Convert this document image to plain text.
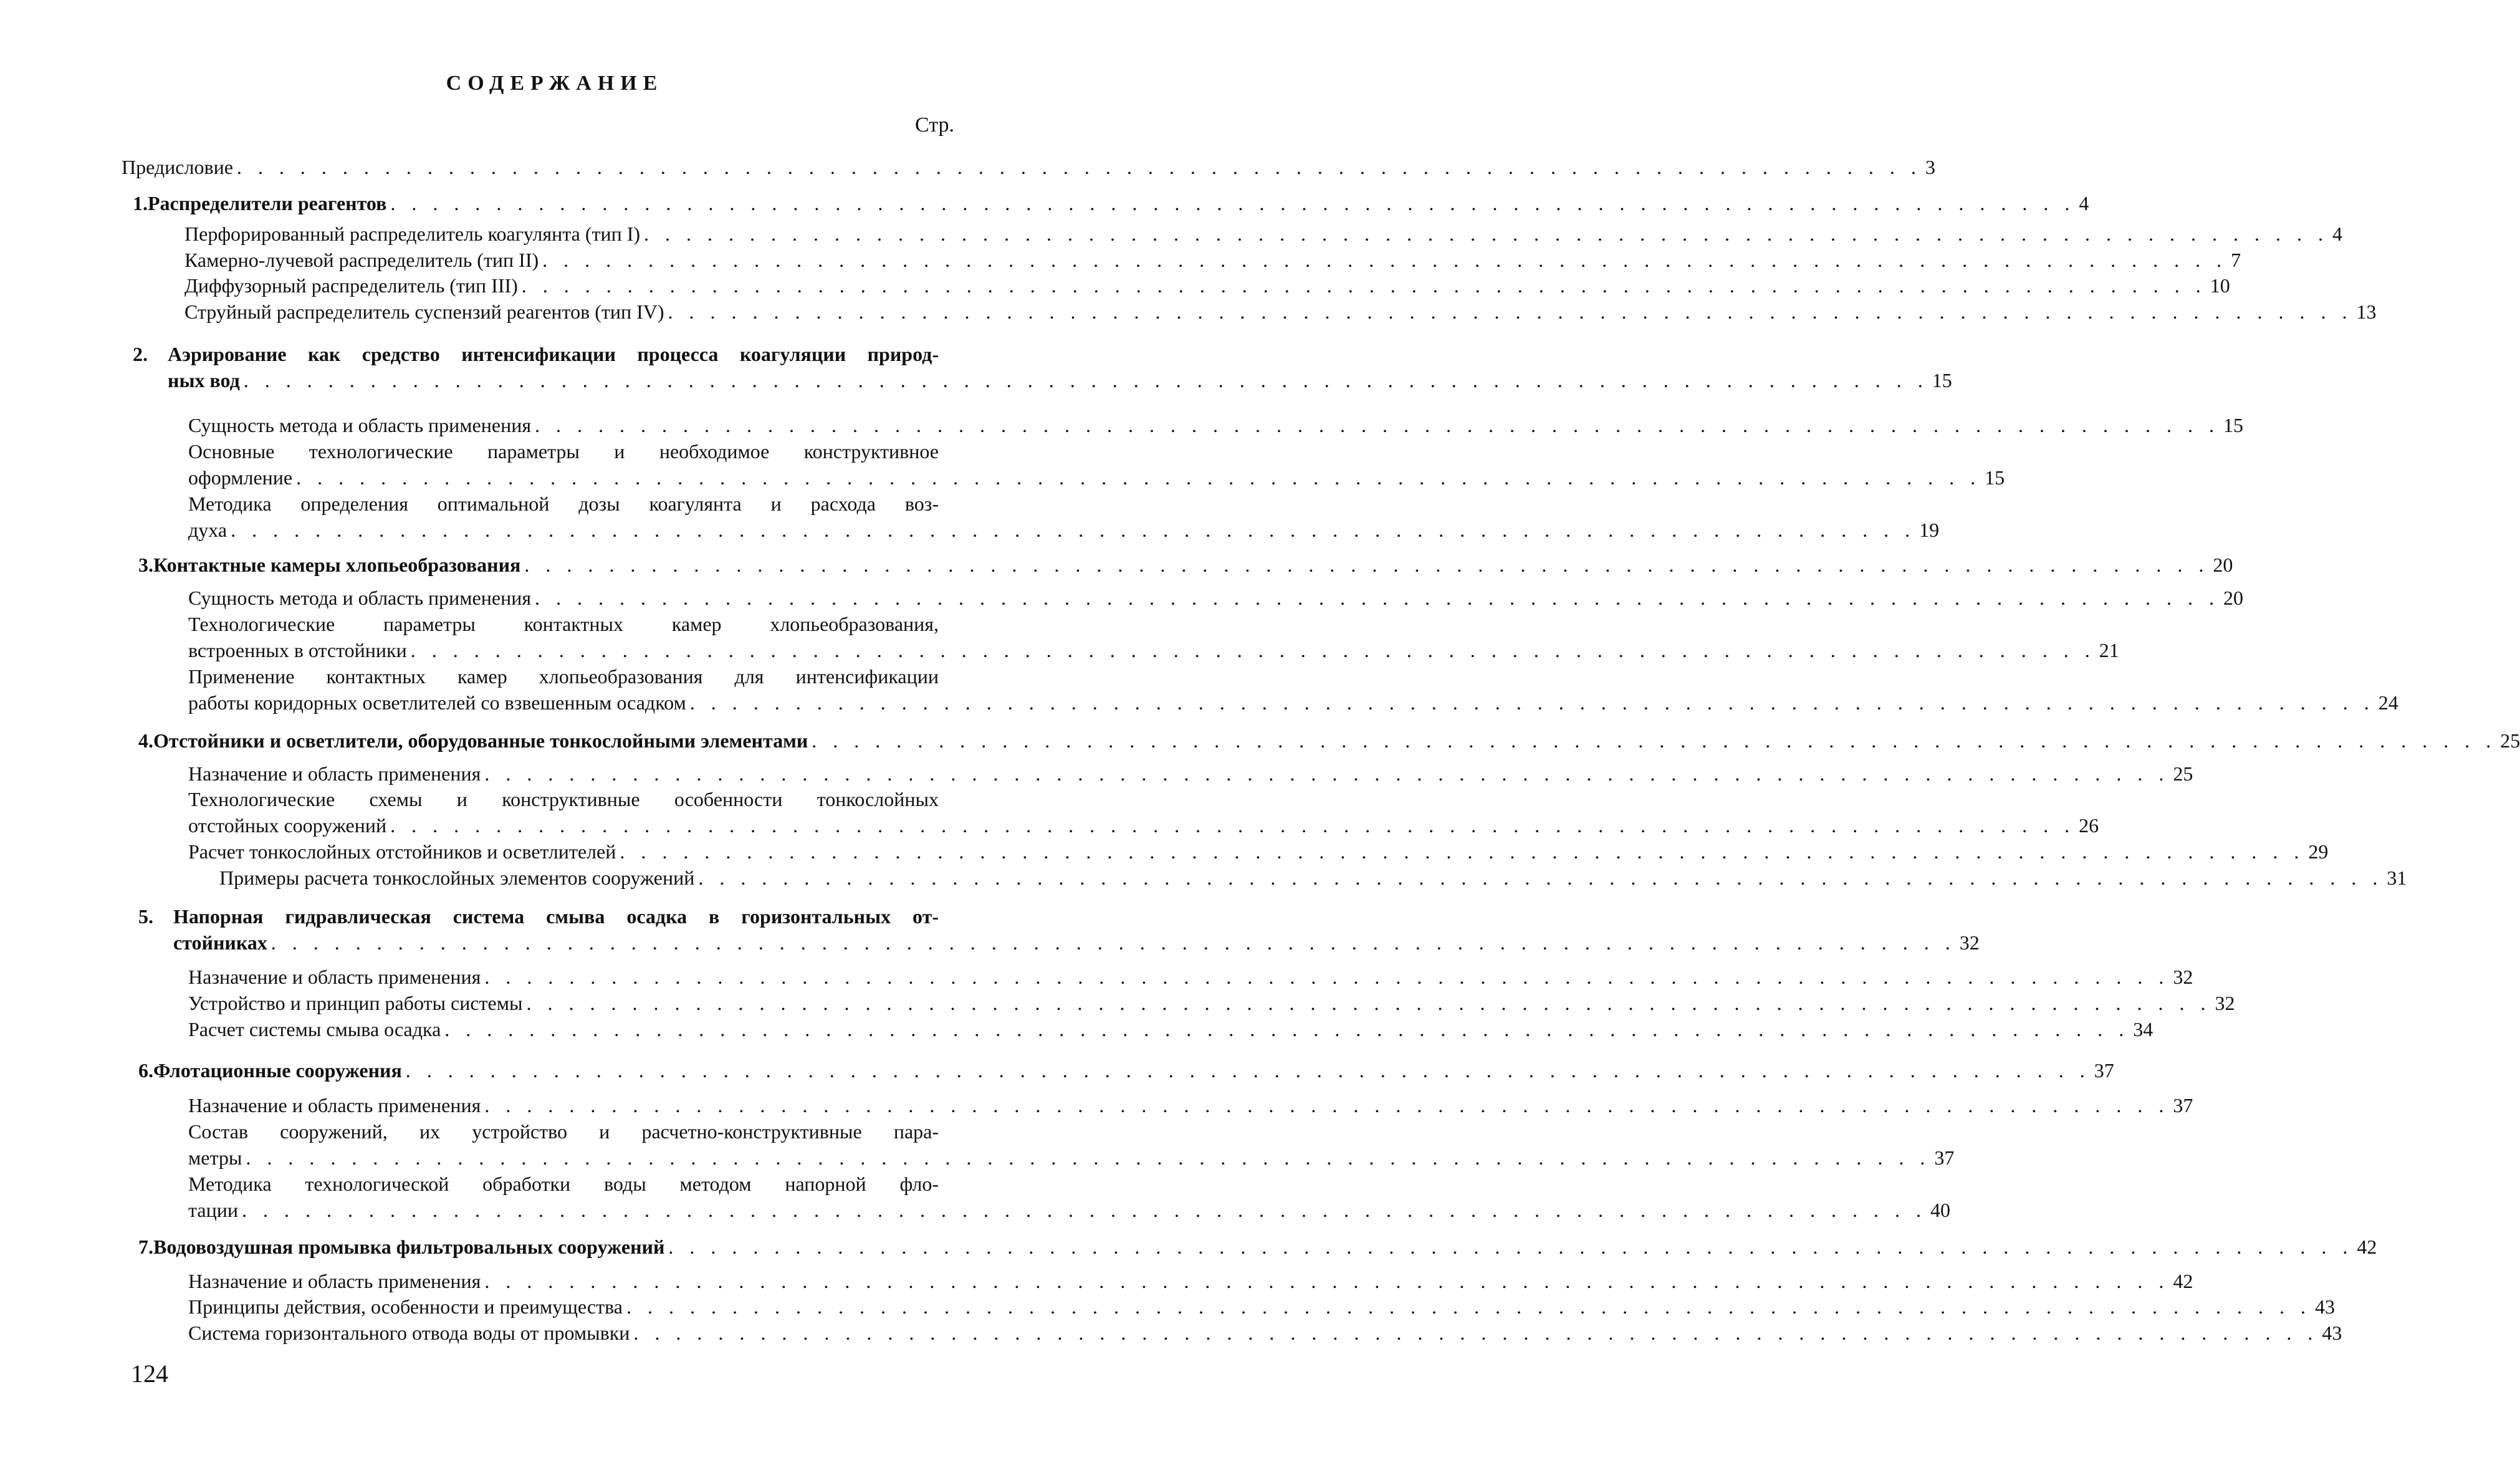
СОДЕРЖАНИЕ
Стр.
Предисловие . . . . . . . . . . . . . . . . . . . . . . . . . . . . . . . . . . . . . . . . . . . . . . . . . . . . . . . . . . . . . . . . . . . . . . . . . . . . . . . . 3
1. Распределители реагентов . . . . . . . . . . . . . . . . . . . . . . . . . . . . . . . . . . . . . . . . . . . . . . . . . . . . . . . . . . . . . . . . . . . . . . . . . . . . . . . . 4
Перфорированный распределитель коагулянта (тип I) . . . . . . . . . . . . . . . . . . . . . . . . . . . . . . . . . . . . . . . . . . . . . . . . . . . . . . . . . . . . . . . . . . . . . . . . . . . . . . . . 4
Камерно-лучевой распределитель (тип II) . . . . . . . . . . . . . . . . . . . . . . . . . . . . . . . . . . . . . . . . . . . . . . . . . . . . . . . . . . . . . . . . . . . . . . . . . . . . . . . . 7
Диффузорный распределитель (тип III) . . . . . . . . . . . . . . . . . . . . . . . . . . . . . . . . . . . . . . . . . . . . . . . . . . . . . . . . . . . . . . . . . . . . . . . . . . . . . . . . 10
Струйный распределитель суспензий реагентов (тип IV) . . . . . . . . . . . . . . . . . . . . . . . . . . . . . . . . . . . . . . . . . . . . . . . . . . . . . . . . . . . . . . . . . . . . . . . . . . . . . . . . 13
2.	Аэрирование как средство интенсификации процесса коагуляции природ-
ных вод . . . . . . . . . . . . . . . . . . . . . . . . . . . . . . . . . . . . . . . . . . . . . . . . . . . . . . . . . . . . . . . . . . . . . . . . . . . . . . . . 15
Сущность метода и область применения . . . . . . . . . . . . . . . . . . . . . . . . . . . . . . . . . . . . . . . . . . . . . . . . . . . . . . . . . . . . . . . . . . . . . . . . . . . . . . . . 15
Основные технологические параметры и необходимое конструктивное
оформление . . . . . . . . . . . . . . . . . . . . . . . . . . . . . . . . . . . . . . . . . . . . . . . . . . . . . . . . . . . . . . . . . . . . . . . . . . . . . . . . 15
Методика определения оптимальной дозы коагулянта и расхода воз-
духа . . . . . . . . . . . . . . . . . . . . . . . . . . . . . . . . . . . . . . . . . . . . . . . . . . . . . . . . . . . . . . . . . . . . . . . . . . . . . . . . 19
3. Контактные камеры хлопьеобразования . . . . . . . . . . . . . . . . . . . . . . . . . . . . . . . . . . . . . . . . . . . . . . . . . . . . . . . . . . . . . . . . . . . . . . . . . . . . . . . . 20
Сущность метода и область применения . . . . . . . . . . . . . . . . . . . . . . . . . . . . . . . . . . . . . . . . . . . . . . . . . . . . . . . . . . . . . . . . . . . . . . . . . . . . . . . . 20
Технологические параметры контактных камер хлопьеобразования,
встроенных в отстойники . . . . . . . . . . . . . . . . . . . . . . . . . . . . . . . . . . . . . . . . . . . . . . . . . . . . . . . . . . . . . . . . . . . . . . . . . . . . . . . . 21
Применение контактных камер хлопьеобразования для интенсификации
работы коридорных осветлителей со взвешенным осадком . . . . . . . . . . . . . . . . . . . . . . . . . . . . . . . . . . . . . . . . . . . . . . . . . . . . . . . . . . . . . . . . . . . . . . . . . . . . . . . . 24
4. Отстойники и осветлители, оборудованные тонкослойными элементами . . . . . . . . . . . . . . . . . . . . . . . . . . . . . . . . . . . . . . . . . . . . . . . . . . . . . . . . . . . . . . . . . . . . . . . . . . . . . . . . 25
Назначение и область применения . . . . . . . . . . . . . . . . . . . . . . . . . . . . . . . . . . . . . . . . . . . . . . . . . . . . . . . . . . . . . . . . . . . . . . . . . . . . . . . . 25
Технологические схемы и конструктивные особенности тонкослойных
отстойных сооружений . . . . . . . . . . . . . . . . . . . . . . . . . . . . . . . . . . . . . . . . . . . . . . . . . . . . . . . . . . . . . . . . . . . . . . . . . . . . . . . . 26
Расчет тонкослойных отстойников и осветлителей . . . . . . . . . . . . . . . . . . . . . . . . . . . . . . . . . . . . . . . . . . . . . . . . . . . . . . . . . . . . . . . . . . . . . . . . . . . . . . . . 29
Примеры расчета тонкослойных элементов сооружений . . . . . . . . . . . . . . . . . . . . . . . . . . . . . . . . . . . . . . . . . . . . . . . . . . . . . . . . . . . . . . . . . . . . . . . . . . . . . . . . 31
5.	Напорная гидравлическая система смыва осадка в горизонтальных от-
стойниках . . . . . . . . . . . . . . . . . . . . . . . . . . . . . . . . . . . . . . . . . . . . . . . . . . . . . . . . . . . . . . . . . . . . . . . . . . . . . . . . 32
Назначение и область применения . . . . . . . . . . . . . . . . . . . . . . . . . . . . . . . . . . . . . . . . . . . . . . . . . . . . . . . . . . . . . . . . . . . . . . . . . . . . . . . . 32
Устройство и принцип работы системы . . . . . . . . . . . . . . . . . . . . . . . . . . . . . . . . . . . . . . . . . . . . . . . . . . . . . . . . . . . . . . . . . . . . . . . . . . . . . . . . 32
Расчет системы смыва осадка . . . . . . . . . . . . . . . . . . . . . . . . . . . . . . . . . . . . . . . . . . . . . . . . . . . . . . . . . . . . . . . . . . . . . . . . . . . . . . . . 34
6. Флотационные сооружения . . . . . . . . . . . . . . . . . . . . . . . . . . . . . . . . . . . . . . . . . . . . . . . . . . . . . . . . . . . . . . . . . . . . . . . . . . . . . . . . 37
Назначение и область применения . . . . . . . . . . . . . . . . . . . . . . . . . . . . . . . . . . . . . . . . . . . . . . . . . . . . . . . . . . . . . . . . . . . . . . . . . . . . . . . . 37
Состав сооружений, их устройство и расчетно-конструктивные пара-
метры . . . . . . . . . . . . . . . . . . . . . . . . . . . . . . . . . . . . . . . . . . . . . . . . . . . . . . . . . . . . . . . . . . . . . . . . . . . . . . . . 37
Методика технологической обработки воды методом напорной фло-
тации . . . . . . . . . . . . . . . . . . . . . . . . . . . . . . . . . . . . . . . . . . . . . . . . . . . . . . . . . . . . . . . . . . . . . . . . . . . . . . . . 40
7. Водовоздушная промывка фильтровальных сооружений . . . . . . . . . . . . . . . . . . . . . . . . . . . . . . . . . . . . . . . . . . . . . . . . . . . . . . . . . . . . . . . . . . . . . . . . . . . . . . . . 42
Назначение и область применения . . . . . . . . . . . . . . . . . . . . . . . . . . . . . . . . . . . . . . . . . . . . . . . . . . . . . . . . . . . . . . . . . . . . . . . . . . . . . . . . 42
Принципы действия, особенности и преимущества . . . . . . . . . . . . . . . . . . . . . . . . . . . . . . . . . . . . . . . . . . . . . . . . . . . . . . . . . . . . . . . . . . . . . . . . . . . . . . . . 43
Система горизонтального отвода воды от промывки . . . . . . . . . . . . . . . . . . . . . . . . . . . . . . . . . . . . . . . . . . . . . . . . . . . . . . . . . . . . . . . . . . . . . . . . . . . . . . . . 43
124
